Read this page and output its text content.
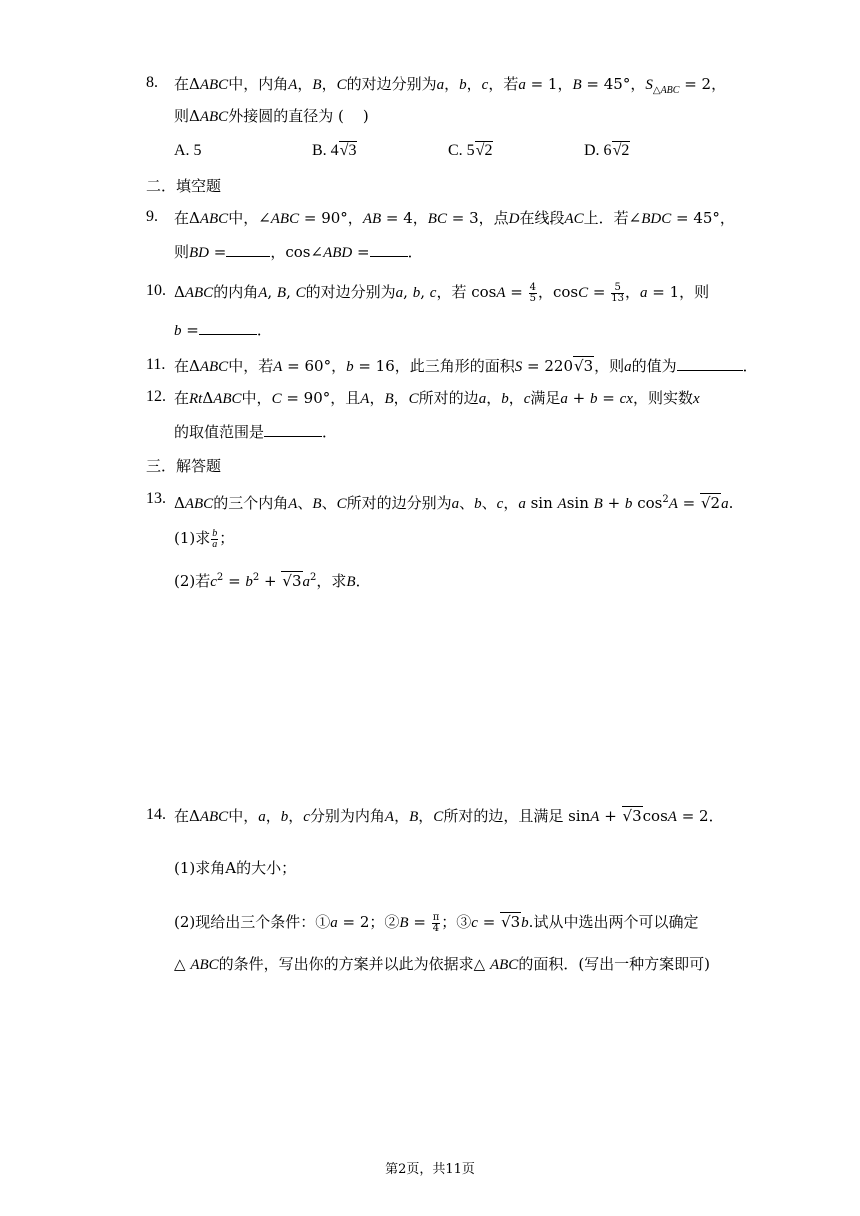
8. 在ΔABC中，内角A，B，C的对边分别为a，b，c，若a = 1，B = 45°，$S_{\triangle ABC} = 2$，
则ΔABC外接圆的直径为 (    )
A. 5	B. 4√3	C. 5√2	D. 6√2
二．填空题
9. 在ΔABC中，∠ABC = 90°，AB = 4，BC = 3，点D在线段AC上．若∠BDC = 45°，
则BD =	，cos∠ABD =	．
10. ΔABC的内角A, B, C的对边分别为a, b, c，若 $\cos A = \frac{4}{5}$ ，$\cos C = \frac{5}{13}$ ，a = 1，则
b =	．
11. 在ΔABC中，若A = 60°，b = 16，此三角形的面积S = 220√3，则a的值为	．
12. 在RtΔABC中，C = 90°，且A，B，C所对的边a，b，c满足a + b = cx，则实数x
的取值范围是	．
三．解答题
13. ΔABC的三个内角A、B、C所对的边分别为a、b、c，a sin Asin B + b $\cos^2A = √2a$.
(1)求 $\frac{b}{a}$ ；
(2)若$c^2 = b^2 + √3a^2$，求B．
14. 在ΔABC中，a，b，c分别为内角A，B，C所对的边，且满足 sinA + √3cosA = 2．
(1)求角A的大小；
(2)现给出三个条件：①a = 2；②B = $\frac{\pi}{4}$ ；③c = √3b.试从中选出两个可以确定
△ ABC的条件，写出你的方案并以此为依据求△ ABC的面积．(写出一种方案即可)
第2页，共11页
